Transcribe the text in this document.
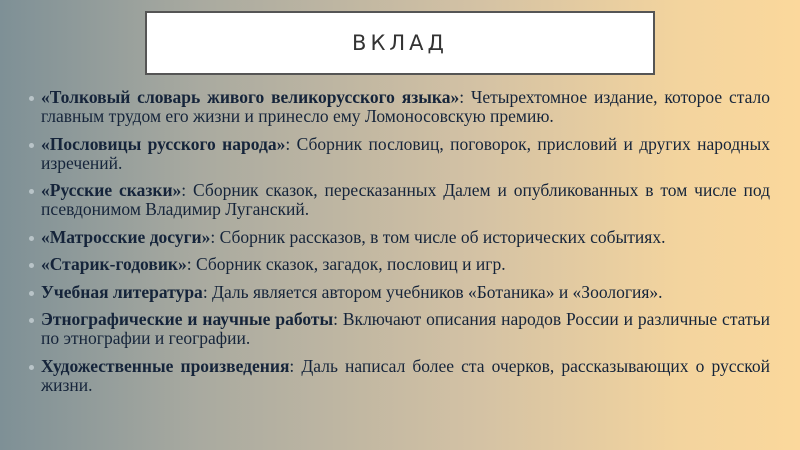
ВКЛАД
«Толковый словарь живого великорусского языка»: Четырехтомное издание, которое стало главным трудом его жизни и принесло ему Ломоносовскую премию.
«Пословицы русского народа»: Сборник пословиц, поговорок, присловий и других народных изречений.
«Русские сказки»: Сборник сказок, пересказанных Далем и опубликованных в том числе под псевдонимом Владимир Луганский.
«Матросские досуги»: Сборник рассказов, в том числе об исторических событиях.
«Старик-годовик»: Сборник сказок, загадок, пословиц и игр.
Учебная литература: Даль является автором учебников «Ботаника» и «Зоология».
Этнографические и научные работы: Включают описания народов России и различные статьи по этнографии и географии.
Художественные произведения: Даль написал более ста очерков, рассказывающих о русской жизни.
